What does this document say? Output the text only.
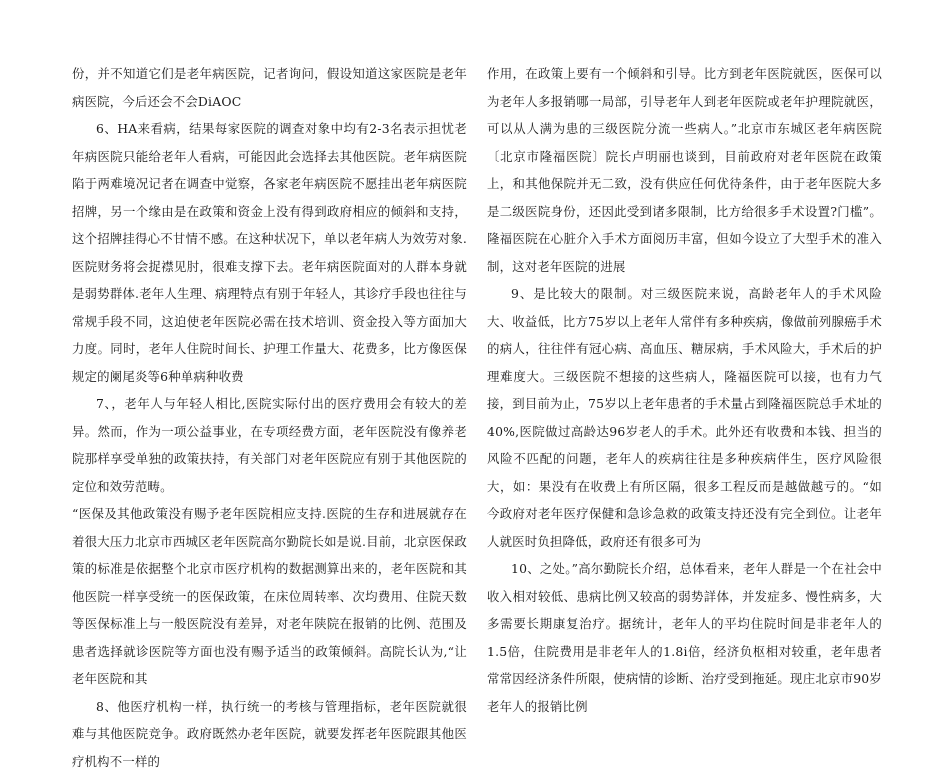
份，并不知道它们是老年病医院，记者询问，假设知道这家医院是老年病医院，今后还会不会DiAOC

6、HA来看病，结果每家医院的调查对象中均有2-3名表示担忧老年病医院只能给老年人看病，可能因此会选择去其他医院。老年病医院陷于两难境况记者在调查中觉察，各家老年病医院不愿挂出老年病医院招牌，另一个缘由是在政策和资金上没有得到政府相应的倾斜和支持，这个招牌挂得心不甘情不感。在这种状况下，单以老年病人为效劳对象.医院财务将会捉襟见肘，很难支撑下去。老年病医院面对的人群本身就是弱势群体.老年人生理、病理特点有别于年轻人，其诊疗手段也往往与常规手段不同，这迫使老年医院必需在技术培训、资金投入等方面加大力度。同时，老年人住院时间长、护理工作量大、花费多，比方像医保规定的阑尾炎等6种单病种收费

7、，老年人与年轻人相比,医院实际付出的医疗费用会有较大的差异。然而，作为一项公益事业，在专项经费方面，老年医院没有像养老院那样享受单独的政策扶持，有关部门对老年医院应有别于其他医院的定位和效劳范畴。

“医保及其他政策没有赐予老年医院相应支持.医院的生存和进展就存在着很大压力北京市西城区老年医院高尔勤院长如是说.目前，北京医保政策的标准是依据整个北京市医疗机构的数据测算出来的，老年医院和其他医院一样享受统一的医保政策，在床位周转率、次均费用、住院天数等医保标准上与一般医院没有差异，对老年陕院在报销的比例、范围及患者选择就诊医院等方面也没有赐予适当的政策倾斜。高院长认为,“让老年医院和其

8、他医疗机构一样，执行统一的考核与管理指标，老年医院就很难与其他医院竞争。政府既然办老年医院，就要发挥老年医院跟其他医疗机构不一样的

作用，在政策上要有一个倾斜和引导。比方到老年医院就医，医保可以为老年人多报销哪一局部，引导老年人到老年医院或老年护理院就医，可以从人满为患的三级医院分流一些病人。”北京市东城区老年病医院〔北京市隆福医院〕院长卢明丽也谈到，目前政府对老年医院在政策上，和其他保院并无二致，没有供应任何优待条件，由于老年医院大多是二级医院身份，还因此受到诸多限制，比方给很多手术设置?门槛”。隆福医院在心脏介入手术方面阅历丰富，但如今设立了大型手术的准入制，这对老年医院的进展

9、是比较大的限制。对三级医院来说，高龄老年人的手术风险大、收益低，比方75岁以上老年人常伴有多种疾病，像做前列腺癌手术的病人，往往伴有冠心病、高血压、糖尿病，手术风险大，手术后的护理难度大。三级医院不想接的这些病人，隆福医院可以接，也有力气接，到目前为止，75岁以上老年患者的手术量占到隆福医院总手术址的40%,医院做过高龄达96岁老人的手术。此外还有收费和本钱、担当的风险不匹配的问题，老年人的疾病往往是多种疾病伴生，医疗风险很大，如：果没有在收费上有所区隔，很多工程反而是越做越亏的。“如今政府对老年医疗保健和急诊急救的政策支持还没有完全到位。让老年人就医时负担降低，政府还有很多可为

10、之处。”高尔勤院长介绍，总体看来，老年人群是一个在社会中收入相对较低、患病比例又较高的弱势詳体，并发症多、慢性病多，大多需要长期康复治疗。据统计，老年人的平均住院时间是非老年人的1.5倍，住院费用是非老年人的1.8i倍，经济负枢相对较重，老年患者常常因经济条件所限，使病情的诊断、治疗受到拖延。现庄北京市90岁老年人的报销比例
